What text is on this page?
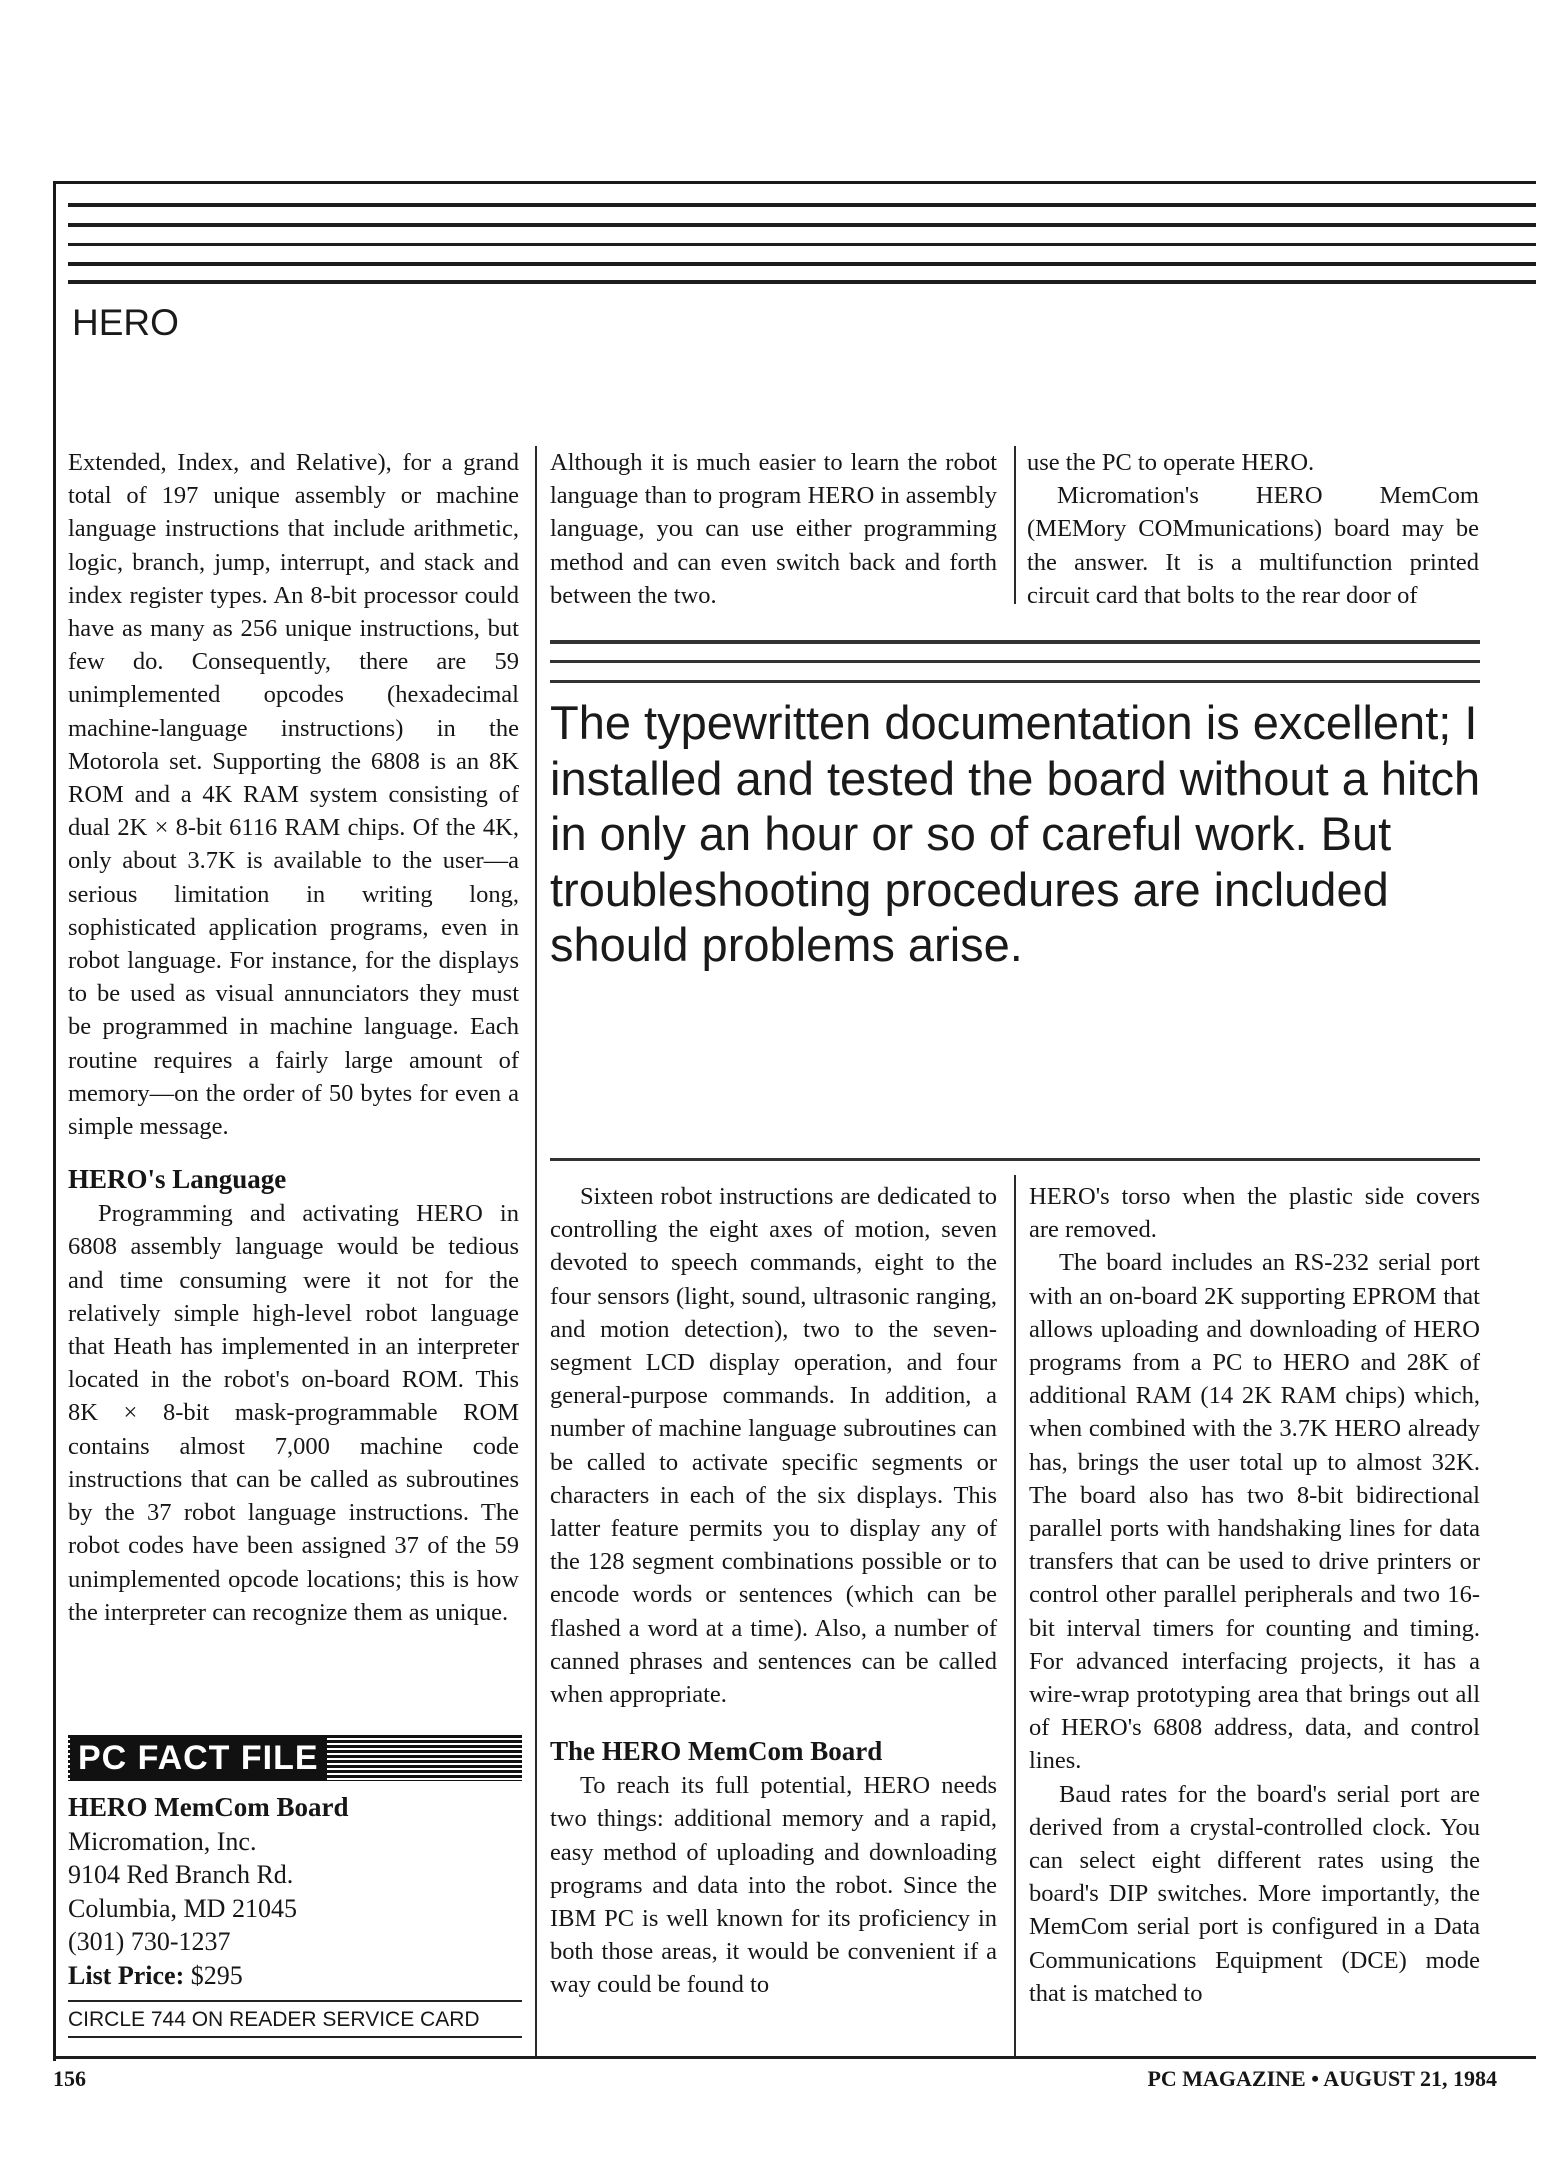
HERO

Extended, Index, and Relative), for a grand total of 197 unique assembly or machine language instructions that include arithmetic, logic, branch, jump, interrupt, and stack and index register types. An 8-bit processor could have as many as 256 unique instructions, but few do. Consequently, there are 59 unimplemented opcodes (hexadecimal machine-language instructions) in the Motorola set. Supporting the 6808 is an 8K ROM and a 4K RAM system consisting of dual 2K × 8-bit 6116 RAM chips. Of the 4K, only about 3.7K is available to the user—a serious limitation in writing long, sophisticated application programs, even in robot language. For instance, for the displays to be used as visual annunciators they must be programmed in machine language. Each routine requires a fairly large amount of memory—on the order of 50 bytes for even a simple message.

HERO's Language

Programming and activating HERO in 6808 assembly language would be tedious and time consuming were it not for the relatively simple high-level robot language that Heath has implemented in an interpreter located in the robot's on-board ROM. This 8K × 8-bit mask-programmable ROM contains almost 7,000 machine code instructions that can be called as subroutines by the 37 robot language instructions. The robot codes have been assigned 37 of the 59 unimplemented opcode locations; this is how the interpreter can recognize them as unique.

Although it is much easier to learn the robot language than to program HERO in assembly language, you can use either programming method and can even switch back and forth between the two.

use the PC to operate HERO.

Micromation's HERO MemCom (MEMory COMmunications) board may be the answer. It is a multifunction printed circuit card that bolts to the rear door of

The typewritten documentation is excellent; I installed and tested the board without a hitch in only an hour or so of careful work. But troubleshooting procedures are included should problems arise.

Sixteen robot instructions are dedicated to controlling the eight axes of motion, seven devoted to speech commands, eight to the four sensors (light, sound, ultrasonic ranging, and motion detection), two to the seven-segment LCD display operation, and four general-purpose commands. In addition, a number of machine language subroutines can be called to activate specific segments or characters in each of the six displays. This latter feature permits you to display any of the 128 segment combinations possible or to encode words or sentences (which can be flashed a word at a time). Also, a number of canned phrases and sentences can be called when appropriate.

The HERO MemCom Board

To reach its full potential, HERO needs two things: additional memory and a rapid, easy method of uploading and downloading programs and data into the robot. Since the IBM PC is well known for its proficiency in both those areas, it would be convenient if a way could be found to

HERO's torso when the plastic side covers are removed.

The board includes an RS-232 serial port with an on-board 2K supporting EPROM that allows uploading and downloading of HERO programs from a PC to HERO and 28K of additional RAM (14 2K RAM chips) which, when combined with the 3.7K HERO already has, brings the user total up to almost 32K. The board also has two 8-bit bidirectional parallel ports with handshaking lines for data transfers that can be used to drive printers or control other parallel peripherals and two 16-bit interval timers for counting and timing. For advanced interfacing projects, it has a wire-wrap prototyping area that brings out all of HERO's 6808 address, data, and control lines.

Baud rates for the board's serial port are derived from a crystal-controlled clock. You can select eight different rates using the board's DIP switches. More importantly, the MemCom serial port is configured in a Data Communications Equipment (DCE) mode that is matched to

PC FACT FILE
HERO MemCom Board
Micromation, Inc.
9104 Red Branch Rd.
Columbia, MD 21045
(301) 730-1237
List Price: $295
CIRCLE 744 ON READER SERVICE CARD
156	PC MAGAZINE • AUGUST 21, 1984
